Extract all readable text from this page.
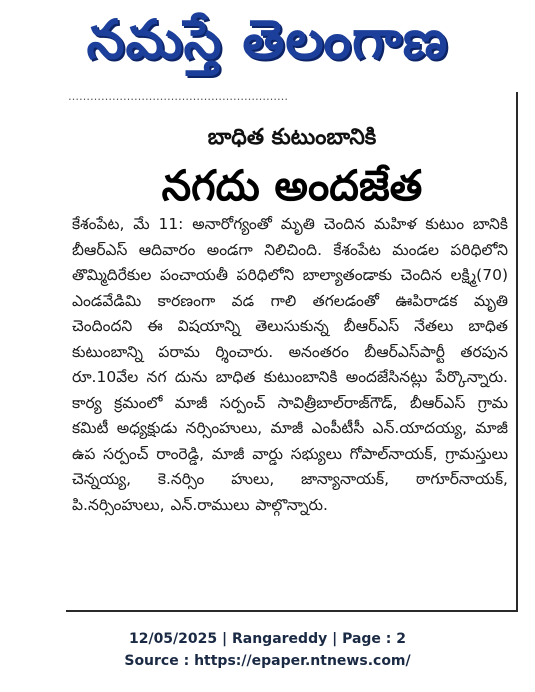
నమస్తే తెలంగాణ
……………………………………………………
బాధిత కుటుంబానికి
నగదు అందజేత
కేశంపేట, మే 11: అనారోగ్యంతో మృతి చెందిన మహిళ కుటుం బానికి బీఆర్‌ఎస్ ఆదివారం అండగా నిలిచింది. కేశంపేట మండల పరిధిలోని తొమ్మిదిరేకుల పంచాయతీ పరిధిలోని బాల్యాతండాకు చెందిన లక్ష్మి(70) ఎండవేడిమి కారణంగా వడ గాలి తగలడంతో ఊపిరాడక మృతి చెందిందని ఈ విషయాన్ని తెలుసుకున్న బీఆర్‌ఎస్ నేతలు బాధిత కుటుంబాన్ని పరామ ర్శించారు. అనంతరం బీఆర్‌ఎస్‌పార్టీ తరపున రూ.10వేల నగ దును బాధిత కుటుంబానికి అందజేసినట్లు పేర్కొన్నారు. కార్య క్రమంలో మాజీ సర్పంచ్ సావిత్రీబాల్‌రాజ్‌గౌడ్, బీఆర్‌ఎస్ గ్రామ కమిటీ అధ్యక్షుడు నర్సింహులు, మాజీ ఎంపీటీసీ ఎన్.యాదయ్య, మాజీ ఉప సర్పంచ్ రాంరెడ్డి, మాజీ వార్డు సభ్యులు గోపాల్‌నాయక్, గ్రామస్తులు చెన్నయ్య, కె.నర్సిం హులు, జాన్యానాయక్, ఠాగూర్‌నాయక్, పి.నర్సింహులు, ఎన్.రాములు పాల్గొన్నారు.
12/05/2025 | Rangareddy | Page : 2
Source : https://epaper.ntnews.com/
